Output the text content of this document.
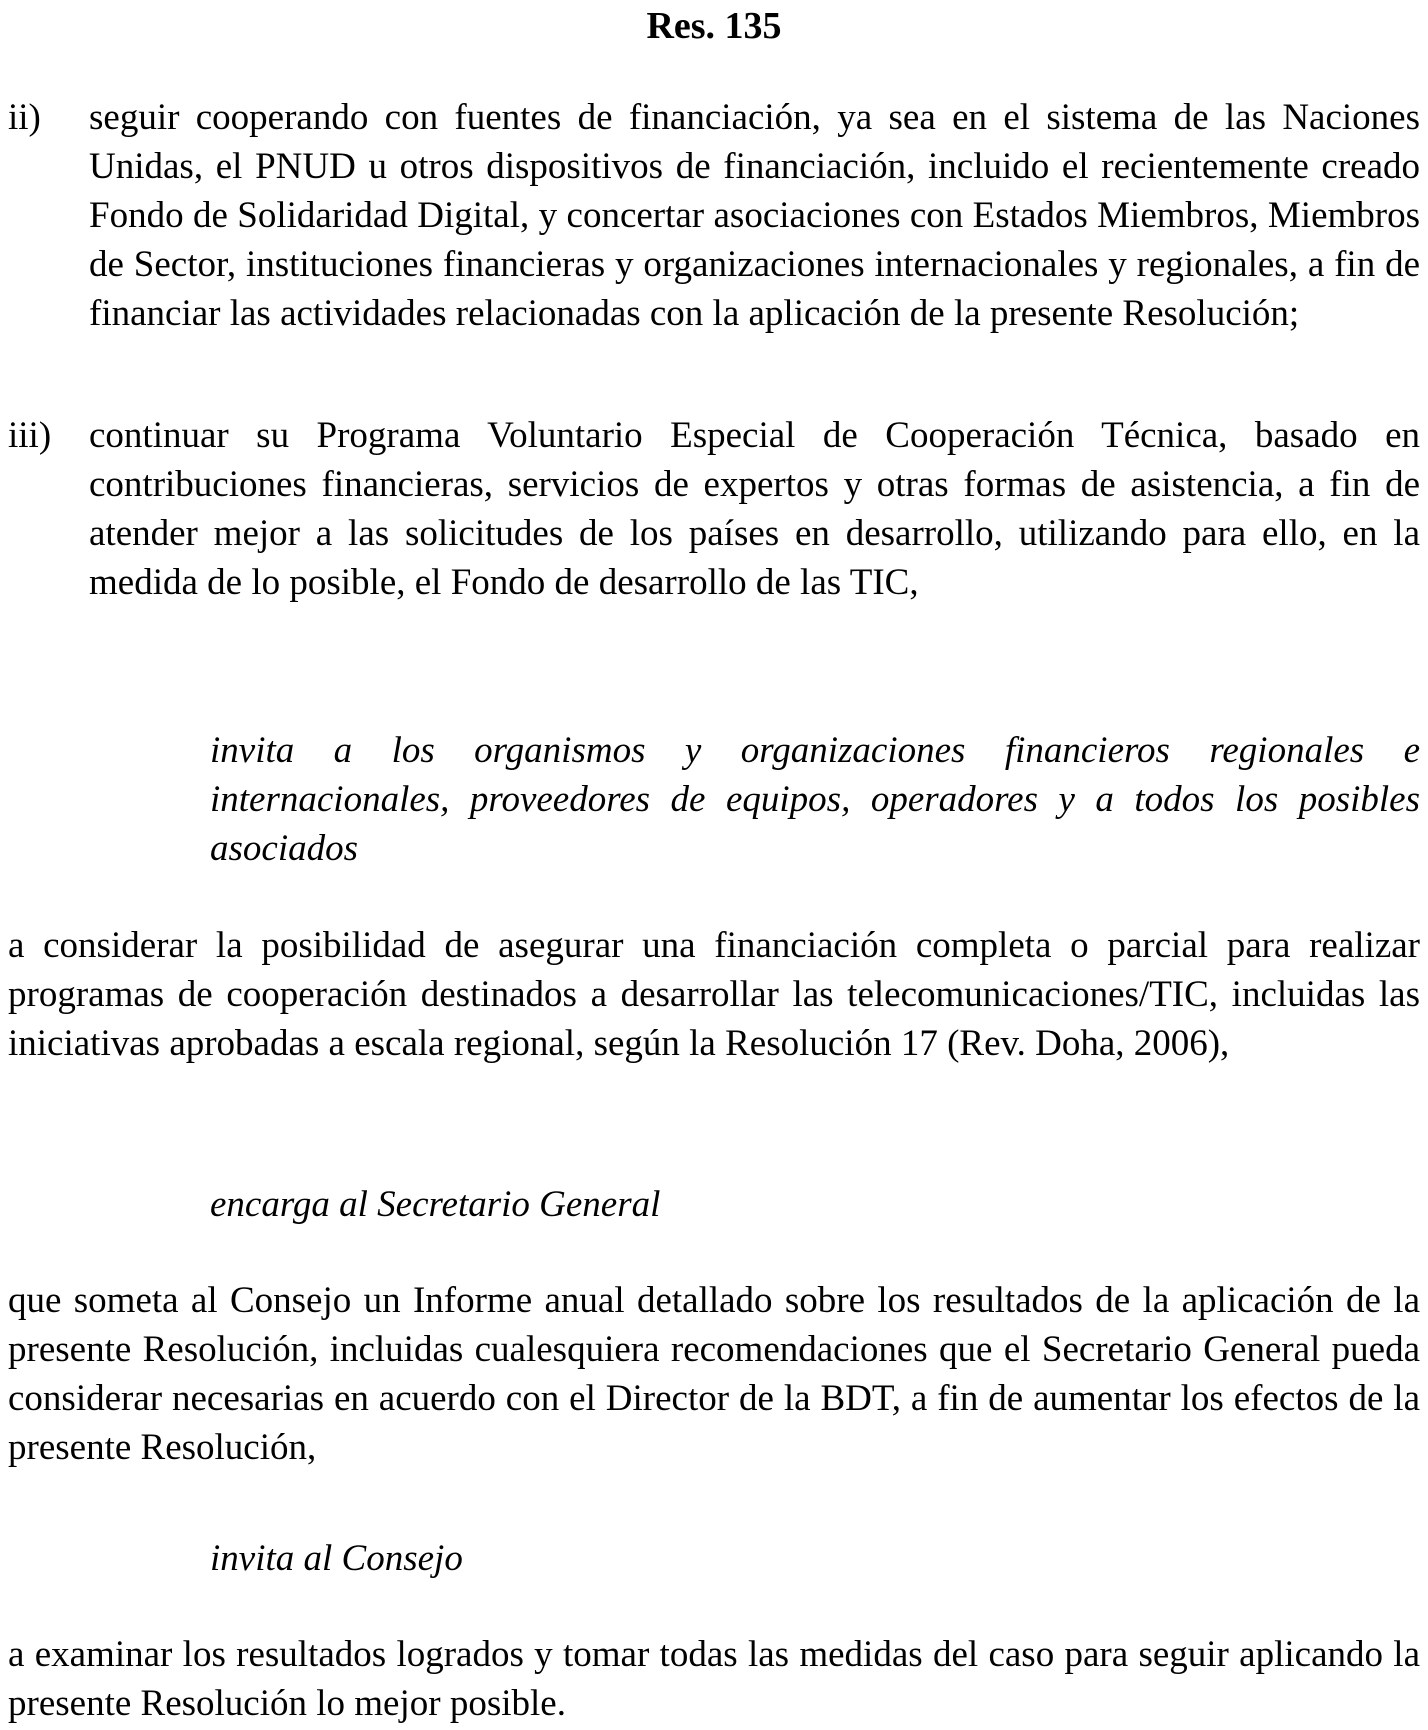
Res. 135
ii) seguir cooperando con fuentes de financiación, ya sea en el sistema de las Naciones Unidas, el PNUD u otros dispositivos de financiación, incluido el recientemente creado Fondo de Solidaridad Digital, y concertar asociaciones con Estados Miembros, Miembros de Sector, instituciones financieras y organizaciones internacionales y regionales, a fin de financiar las actividades relacionadas con la aplicación de la presente Resolución;
iii) continuar su Programa Voluntario Especial de Cooperación Técnica, basado en contribuciones financieras, servicios de expertos y otras formas de asistencia, a fin de atender mejor a las solicitudes de los países en desarrollo, utilizando para ello, en la medida de lo posible, el Fondo de desarrollo de las TIC,
invita a los organismos y organizaciones financieros regionales e internacionales, proveedores de equipos, operadores y a todos los posibles asociados
a considerar la posibilidad de asegurar una financiación completa o parcial para realizar programas de cooperación destinados a desarrollar las telecomunicaciones/TIC, incluidas las iniciativas aprobadas a escala regional, según la Resolución 17 (Rev. Doha, 2006),
encarga al Secretario General
que someta al Consejo un Informe anual detallado sobre los resultados de la aplicación de la presente Resolución, incluidas cualesquiera recomendaciones que el Secretario General pueda considerar necesarias en acuerdo con el Director de la BDT, a fin de aumentar los efectos de la presente Resolución,
invita al Consejo
a examinar los resultados logrados y tomar todas las medidas del caso para seguir aplicando la presente Resolución lo mejor posible.
